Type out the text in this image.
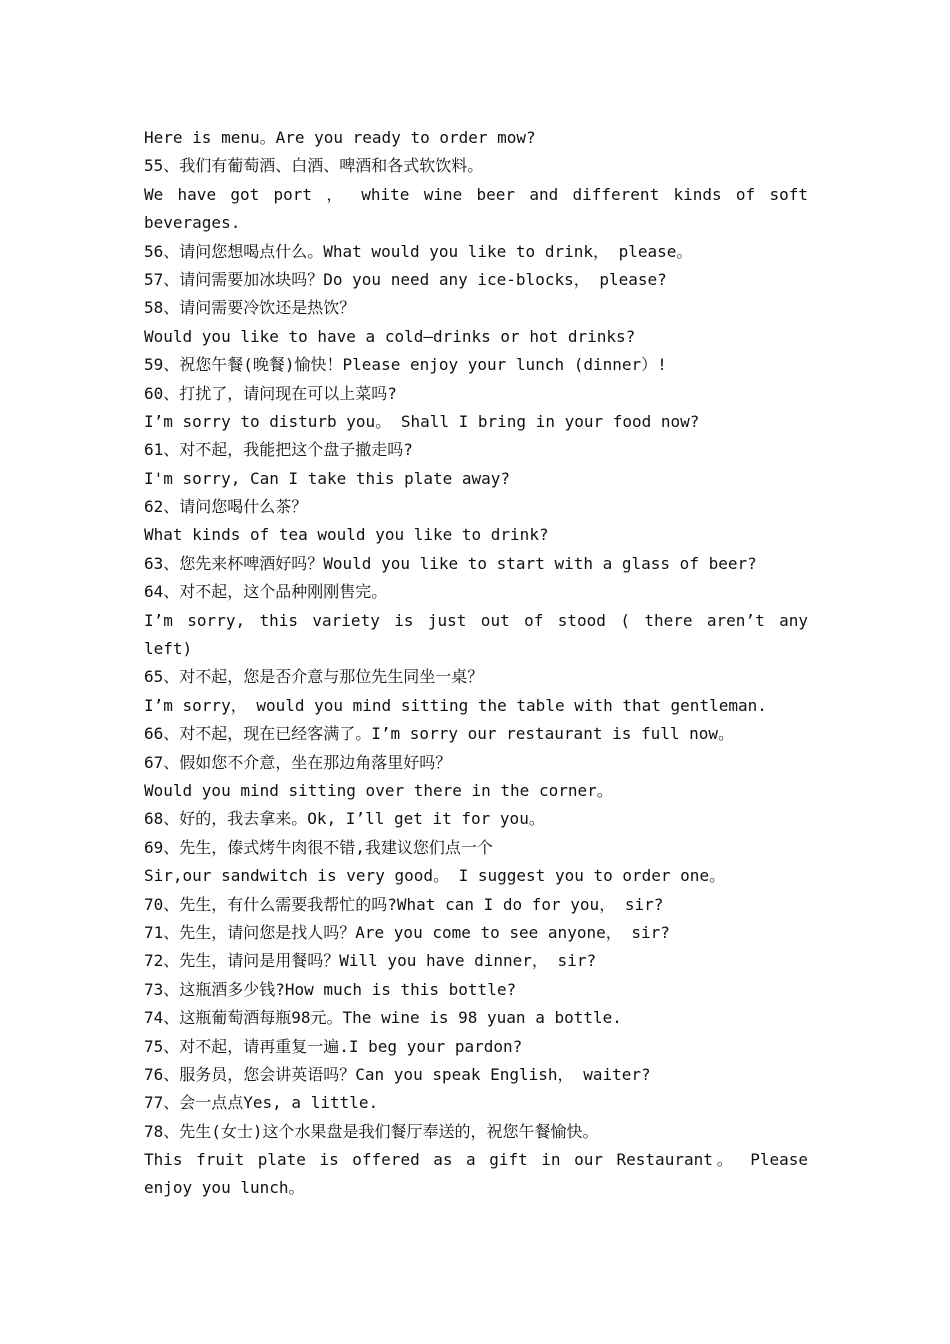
Here is menu。Are you ready to order mow?
55、我们有葡萄酒、白酒、啤酒和各式软饮料。
We have got port ， white wine beer and different kinds of soft
beverages.
56、请问您想喝点什么。What would you like to drink， please。
57、请问需要加冰块吗？Do you need any ice-blocks， please?
58、请问需要冷饮还是热饮？
Would you like to have a cold—drinks or hot drinks?
59、祝您午餐(晚餐)愉快！Please enjoy your lunch (dinner）!
60、打扰了，请问现在可以上菜吗?
I’m sorry to disturb you。 Shall I bring in your food now?
61、对不起，我能把这个盘子撤走吗?
I'm sorry, Can I take this plate away?
62、请问您喝什么茶？
What kinds of tea would you like to drink?
63、您先来杯啤酒好吗？Would you like to start with a glass of beer?
64、对不起，这个品种刚刚售完。
I’m sorry, this variety is just out of stood ( there aren’t any
left)
65、对不起，您是否介意与那位先生同坐一桌？
I’m sorry， would you mind sitting the table with that gentleman.
66、对不起，现在已经客满了。I’m sorry our restaurant is full now。
67、假如您不介意，坐在那边角落里好吗？
Would you mind sitting over there in the corner。
68、好的，我去拿来。Ok, I’ll get it for you。
69、先生，傣式烤牛肉很不错,我建议您们点一个
Sir,our sandwitch is very good。 I suggest you to order one。
70、先生，有什么需要我帮忙的吗?What can I do for you， sir?
71、先生，请问您是找人吗？Are you come to see anyone， sir?
72、先生，请问是用餐吗？Will you have dinner， sir?
73、这瓶酒多少钱?How much is this bottle?
74、这瓶葡萄酒每瓶98元。The wine is 98 yuan a bottle.
75、对不起，请再重复一遍.I beg your pardon?
76、服务员，您会讲英语吗？Can you speak English， waiter?
77、会一点点Yes, a little.
78、先生(女士)这个水果盘是我们餐厅奉送的，祝您午餐愉快。
This fruit plate is offered as a gift in our Restaurant。 Please
enjoy you lunch。
